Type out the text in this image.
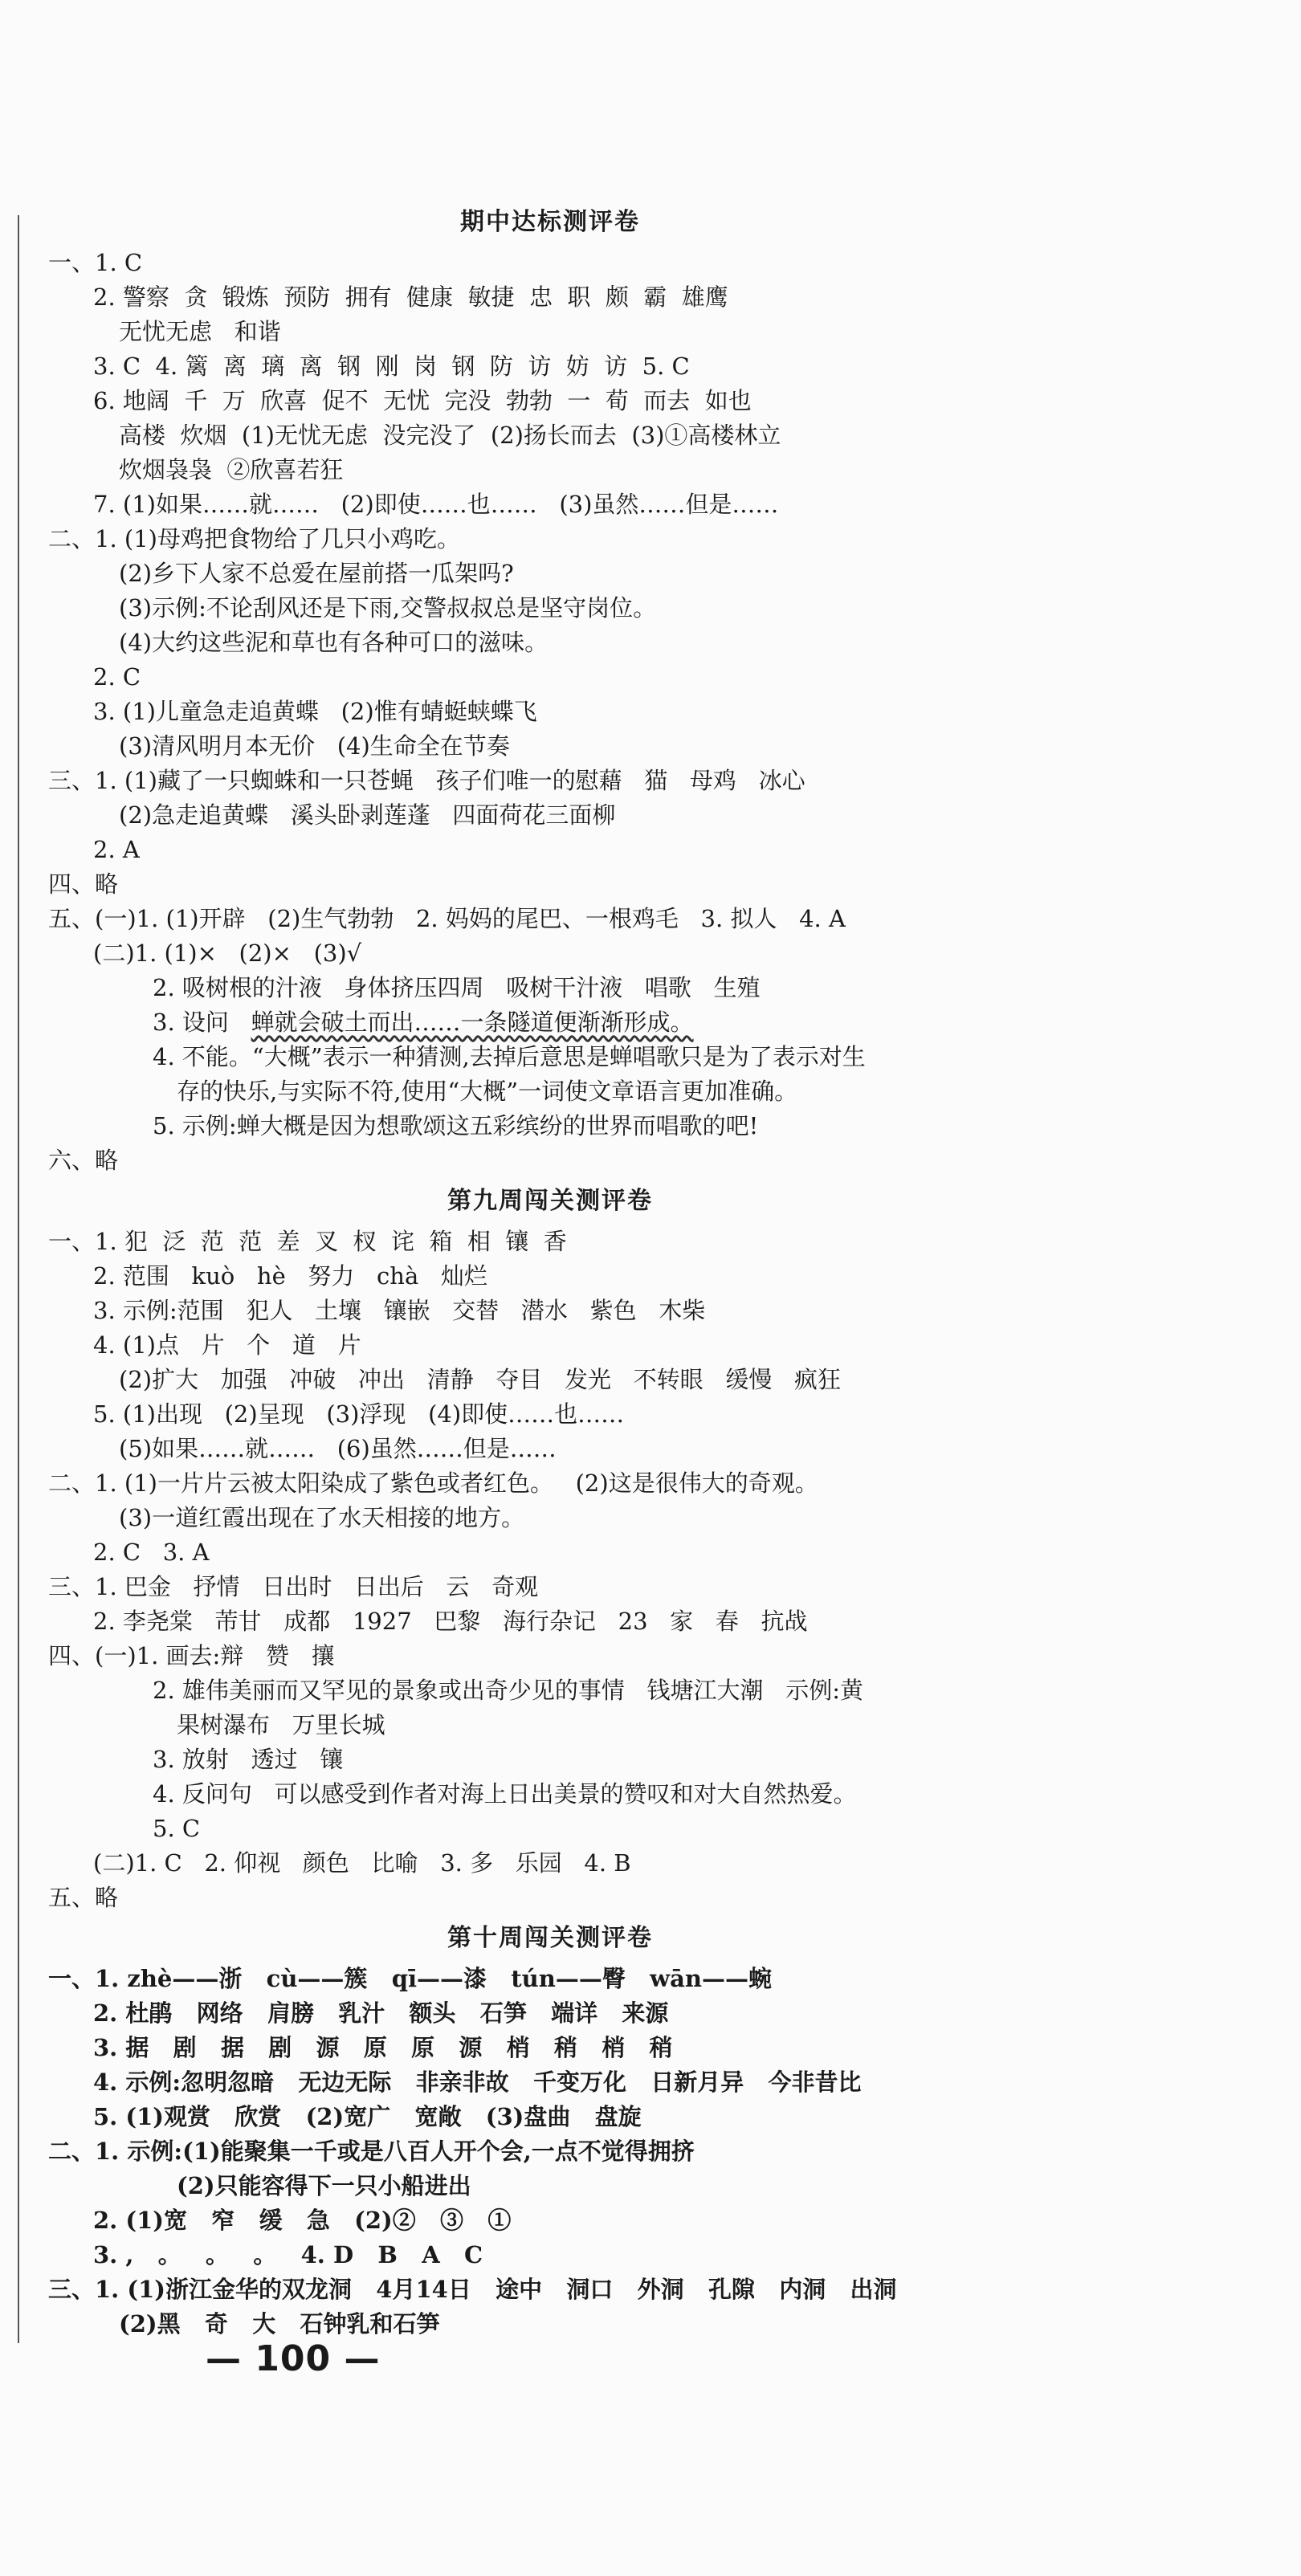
期中达标测评卷
一、1. C
2. 警察  贪  锻炼  预防  拥有  健康  敏捷  忠  职  颇  霸  雄鹰
无忧无虑   和谐
3. C  4. 篱  离  璃  离  钢  刚  岗  钢  防  访  妨  访  5. C
6. 地阔  千  万  欣喜  促不  无忧  完没  勃勃  一  荀  而去  如也
高楼  炊烟  (1)无忧无虑  没完没了  (2)扬长而去  (3)①高楼林立
炊烟袅袅  ②欣喜若狂
7. (1)如果……就……   (2)即使……也……   (3)虽然……但是……
二、1. (1)母鸡把食物给了几只小鸡吃。
(2)乡下人家不总爱在屋前搭一瓜架吗?
(3)示例:不论刮风还是下雨,交警叔叔总是坚守岗位。
(4)大约这些泥和草也有各种可口的滋味。
2. C
3. (1)儿童急走追黄蝶   (2)惟有蜻蜓蛱蝶飞
(3)清风明月本无价   (4)生命全在节奏
三、1. (1)藏了一只蜘蛛和一只苍蝇   孩子们唯一的慰藉   猫   母鸡   冰心
(2)急走追黄蝶   溪头卧剥莲蓬   四面荷花三面柳
2. A
四、略
五、(一)1. (1)开辟   (2)生气勃勃   2. 妈妈的尾巴、一根鸡毛   3. 拟人   4. A
(二)1. (1)×   (2)×   (3)√
2. 吸树根的汁液   身体挤压四周   吸树干汁液   唱歌   生殖
3. 设问   蝉就会破土而出……一条隧道便渐渐形成。
4. 不能。“大概”表示一种猜测,去掉后意思是蝉唱歌只是为了表示对生
存的快乐,与实际不符,使用“大概”一词使文章语言更加准确。
5. 示例:蝉大概是因为想歌颂这五彩缤纷的世界而唱歌的吧!
六、略
第九周闯关测评卷
一、1. 犯  泛  范  范  差  叉  杈  诧  箱  相  镶  香
2. 范围   kuò   hè   努力   chà   灿烂
3. 示例:范围   犯人   土壤   镶嵌   交替   潜水   紫色   木柴
4. (1)点   片   个   道   片
(2)扩大   加强   冲破   冲出   清静   夺目   发光   不转眼   缓慢   疯狂
5. (1)出现   (2)呈现   (3)浮现   (4)即使……也……
(5)如果……就……   (6)虽然……但是……
二、1. (1)一片片云被太阳染成了紫色或者红色。   (2)这是很伟大的奇观。
(3)一道红霞出现在了水天相接的地方。
2. C   3. A
三、1. 巴金   抒情   日出时   日出后   云   奇观
2. 李尧棠   芾甘   成都   1927   巴黎   海行杂记   23   家   春   抗战
四、(一)1. 画去:辩   赞   攘
2. 雄伟美丽而又罕见的景象或出奇少见的事情   钱塘江大潮   示例:黄
果树瀑布   万里长城
3. 放射   透过   镶
4. 反问句   可以感受到作者对海上日出美景的赞叹和对大自然热爱。
5. C
(二)1. C   2. 仰视   颜色   比喻   3. 多   乐园   4. B
五、略
第十周闯关测评卷
一、1. zhè——浙   cù——簇   qī——漆   tún——臀   wān——蜿
2. 杜鹃   网络   肩膀   乳汁   额头   石笋   端详   来源
3. 据   剧   据   剧   源   原   原   源   梢   稍   梢   稍
4. 示例:忽明忽暗   无边无际   非亲非故   千变万化   日新月异   今非昔比
5. (1)观赏   欣赏   (2)宽广   宽敞   (3)盘曲   盘旋
二、1. 示例:(1)能聚集一千或是八百人开个会,一点不觉得拥挤
(2)只能容得下一只小船进出
2. (1)宽   窄   缓   急   (2)②   ③   ①
3. ,   。   。   。   4. D   B   A   C
三、1. (1)浙江金华的双龙洞   4月14日   途中   洞口   外洞   孔隙   内洞   出洞
(2)黑   奇   大   石钟乳和石笋
— 100 —
